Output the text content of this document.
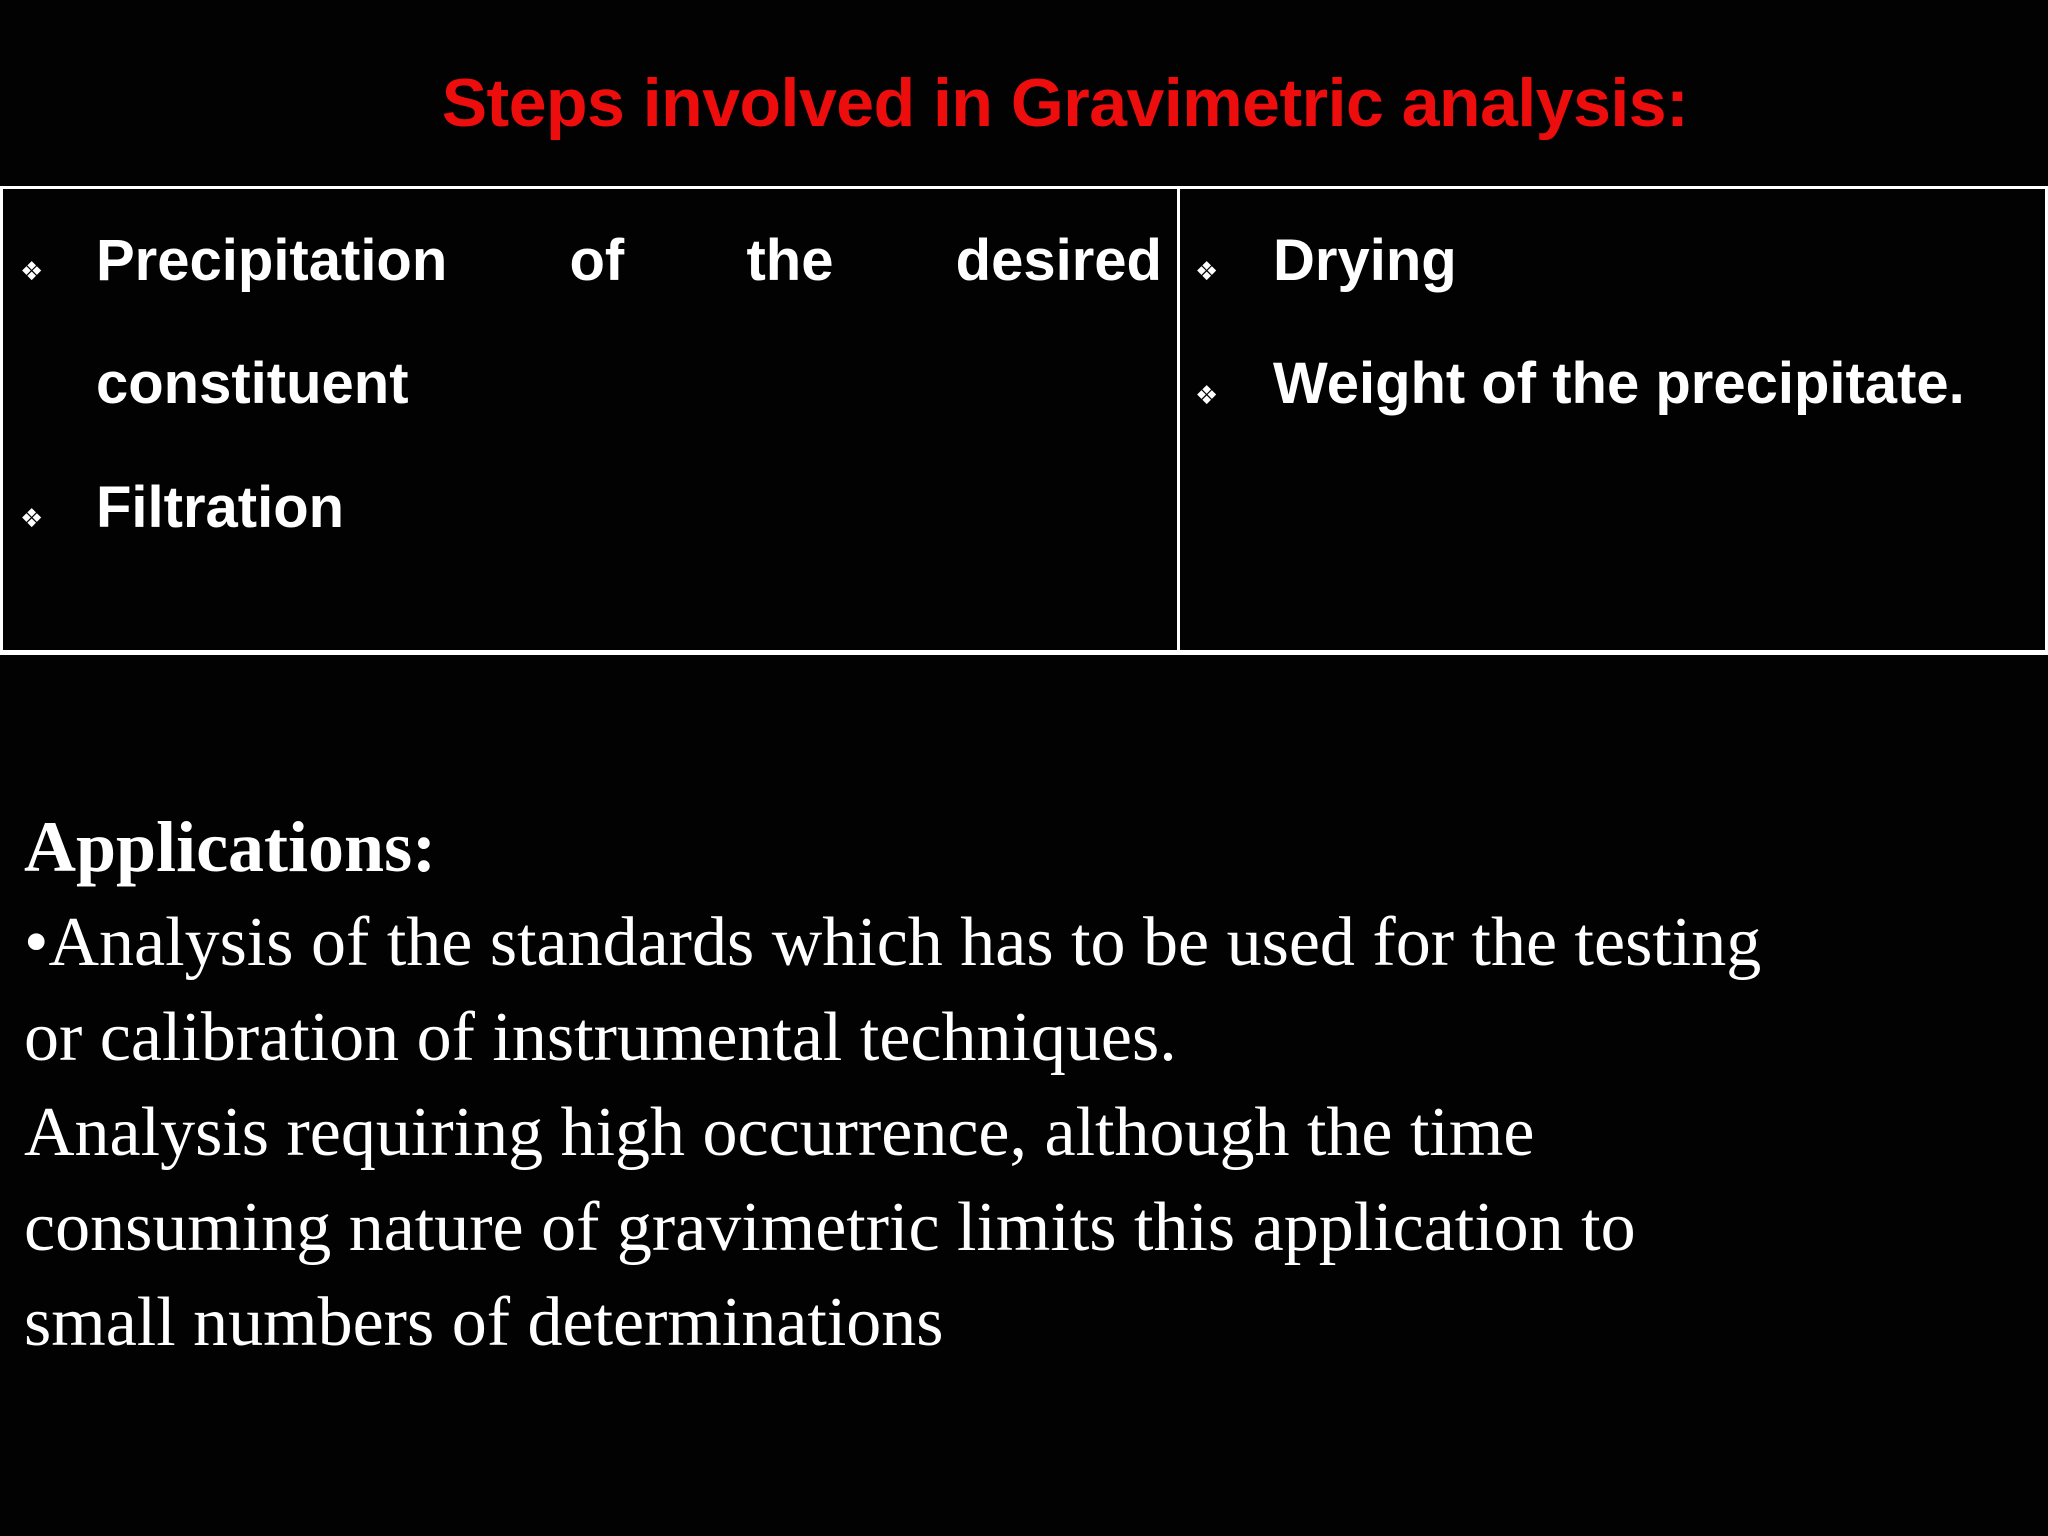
Steps involved in Gravimetric analysis:
❖ Precipitation of the desired
constituent
❖ Filtration
❖ Drying
❖ Weight of the precipitate.
Applications:
•Analysis of the standards which has to be used for the testing
or calibration of instrumental techniques.
Analysis requiring high occurrence, although the time
consuming nature of gravimetric limits this application to
small numbers of determinations
